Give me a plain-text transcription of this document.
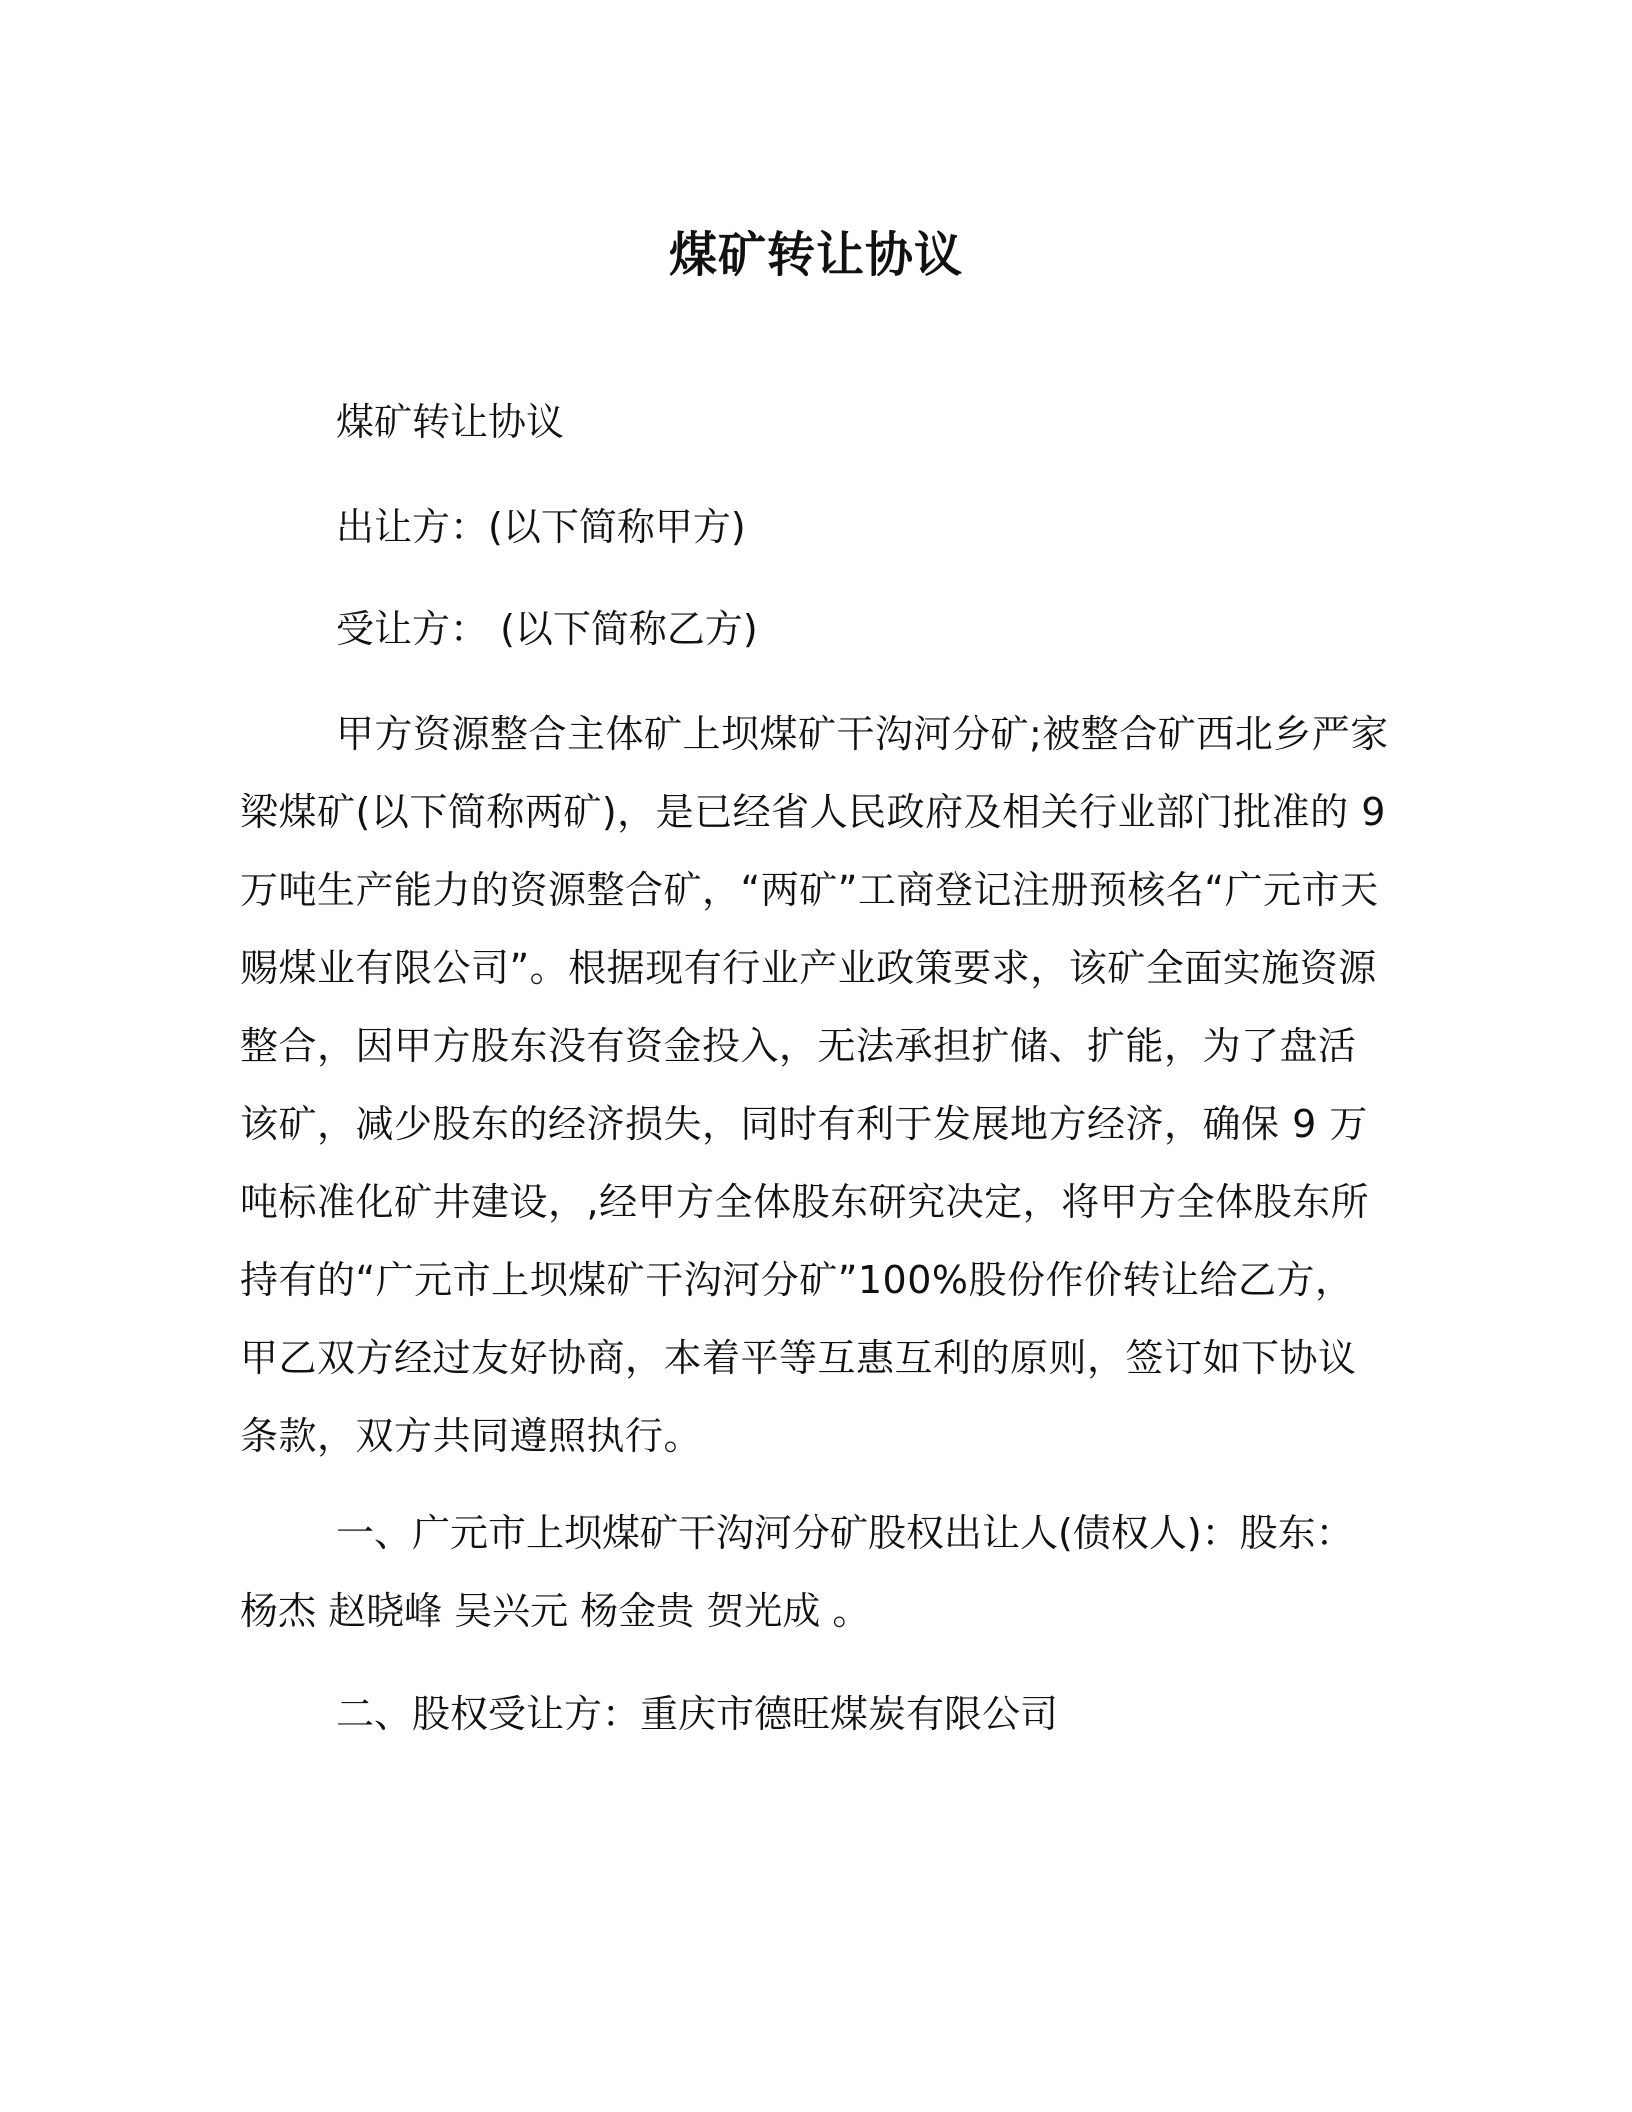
煤矿转让协议

煤矿转让协议

出让方：(以下简称甲方)

受让方： (以下简称乙方)

甲方资源整合主体矿上坝煤矿干沟河分矿;被整合矿西北乡严家梁煤矿(以下简称两矿)，是已经省人民政府及相关行业部门批准的 9 万吨生产能力的资源整合矿，“两矿”工商登记注册预核名“广元市天赐煤业有限公司”。根据现有行业产业政策要求，该矿全面实施资源整合，因甲方股东没有资金投入，无法承担扩储、扩能，为了盘活该矿，减少股东的经济损失，同时有利于发展地方经济，确保 9 万吨标准化矿井建设，,经甲方全体股东研究决定，将甲方全体股东所持有的“广元市上坝煤矿干沟河分矿”100%股份作价转让给乙方，甲乙双方经过友好协商，本着平等互惠互利的原则，签订如下协议条款，双方共同遵照执行。

一、广元市上坝煤矿干沟河分矿股权出让人(债权人)：股东： 杨杰 赵晓峰 吴兴元 杨金贵 贺光成 。

二、股权受让方：重庆市德旺煤炭有限公司
